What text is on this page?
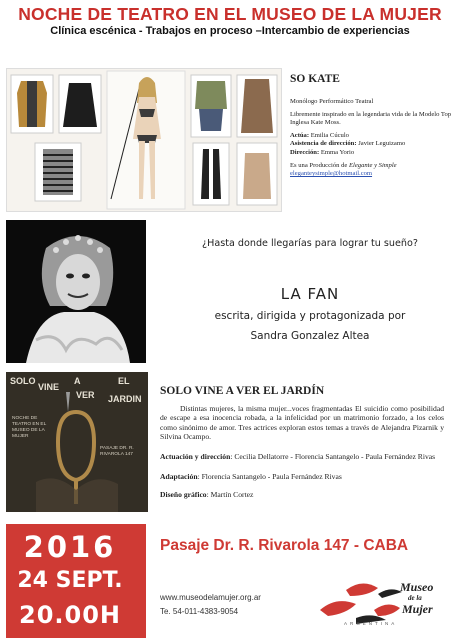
NOCHE DE TEATRO EN EL MUSEO DE LA MUJER
Clínica escénica - Trabajos en proceso –Intercambio de experiencias
SO KATE

Monólogo Performático Teatral

Libremente inspirado en la legendaria vida de la Modelo Top Inglesa Kate Moss.

Actúa: Emilia Cúculo
Asistencia de dirección: Javier Leguizamo
Dirección: Emma Yorio

Es una Producción de Elegante y Simple
eleganteysimple@hotmail.com

¿Hasta donde llegarías para lograr tu sueño?
LA FAN
escrita, dirigida y protagonizada por
Sandra Gonzalez Altea
SOLO
VINE
A
VER
EL
JARDIN
NOCHE DE TEATRO EN EL MUSEO DE LA MUJER
PASAJE DR. R. RIVAROLA 147
SOLO VINE A VER EL JARDÍN
Distintas mujeres, la misma mujer...voces fragmentadas El suicidio como posibilidad de escape a esa inocencia robada, a la infelicidad por un matrimonio forzado, a los celos como sinónimo de amor. Tres actrices exploran estos temas a través de Alejandra Pizarnik y Silvina Ocampo.
Actuación y dirección: Cecilia Dellatorre - Florencia Santangelo - Paula Fernández Rivas
Adaptación: Florencia Santangelo - Paula Fernández Rivas
Diseño gráfico: Martín Cortez
2016
24 SEPT.
20.00H
Pasaje Dr. R. Rivarola 147 - CABA
www.museodelamujer.org.ar
Te. 54-011-4383-9054
Museo
de la
Mujer
ARGENTINA
